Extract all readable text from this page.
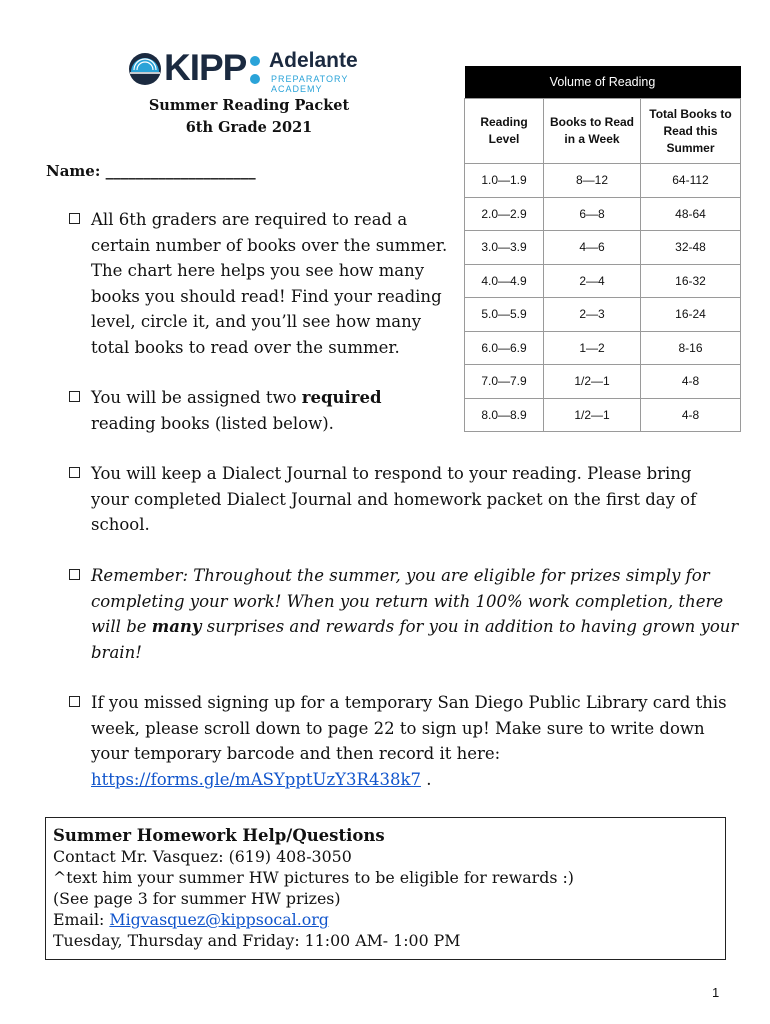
KIPP Adelante
PREPARATORY ACADEMY
Summer Reading Packet
6th Grade 2021
Name: ____________________
All 6th graders are required to read a certain number of books over the summer. The chart here helps you see how many books you should read! Find your reading level, circle it, and you’ll see how many total books to read over the summer.
You will be assigned two required reading books (listed below).
You will keep a Dialect Journal to respond to your reading. Please bring your completed Dialect Journal and homework packet on the first day of school.
Remember: Throughout the summer, you are eligible for prizes simply for completing your work! When you return with 100% work completion, there will be many surprises and rewards for you in addition to having grown your brain!
If you missed signing up for a temporary San Diego Public Library card this week, please scroll down to page 22 to sign up! Make sure to write down your temporary barcode and then record it here: https://forms.gle/mASYpptUzY3R438k7 .
Volume of Reading		
Reading Level	Books to Read in a Week	Total Books to Read this Summer
1.0—1.9	8—12	64-112
2.0—2.9	6—8	48-64
3.0—3.9	4—6	32-48
4.0—4.9	2—4	16-32
5.0—5.9	2—3	16-24
6.0—6.9	1—2	8-16
7.0—7.9	1/2—1	4-8
8.0—8.9	1/2—1	4-8
Summer Homework Help/Questions
Contact Mr. Vasquez: (619) 408-3050
^text him your summer HW pictures to be eligible for rewards :)
(See page 3 for summer HW prizes)
Email: Migvasquez@kippsocal.org
Tuesday, Thursday and Friday: 11:00 AM- 1:00 PM
1
